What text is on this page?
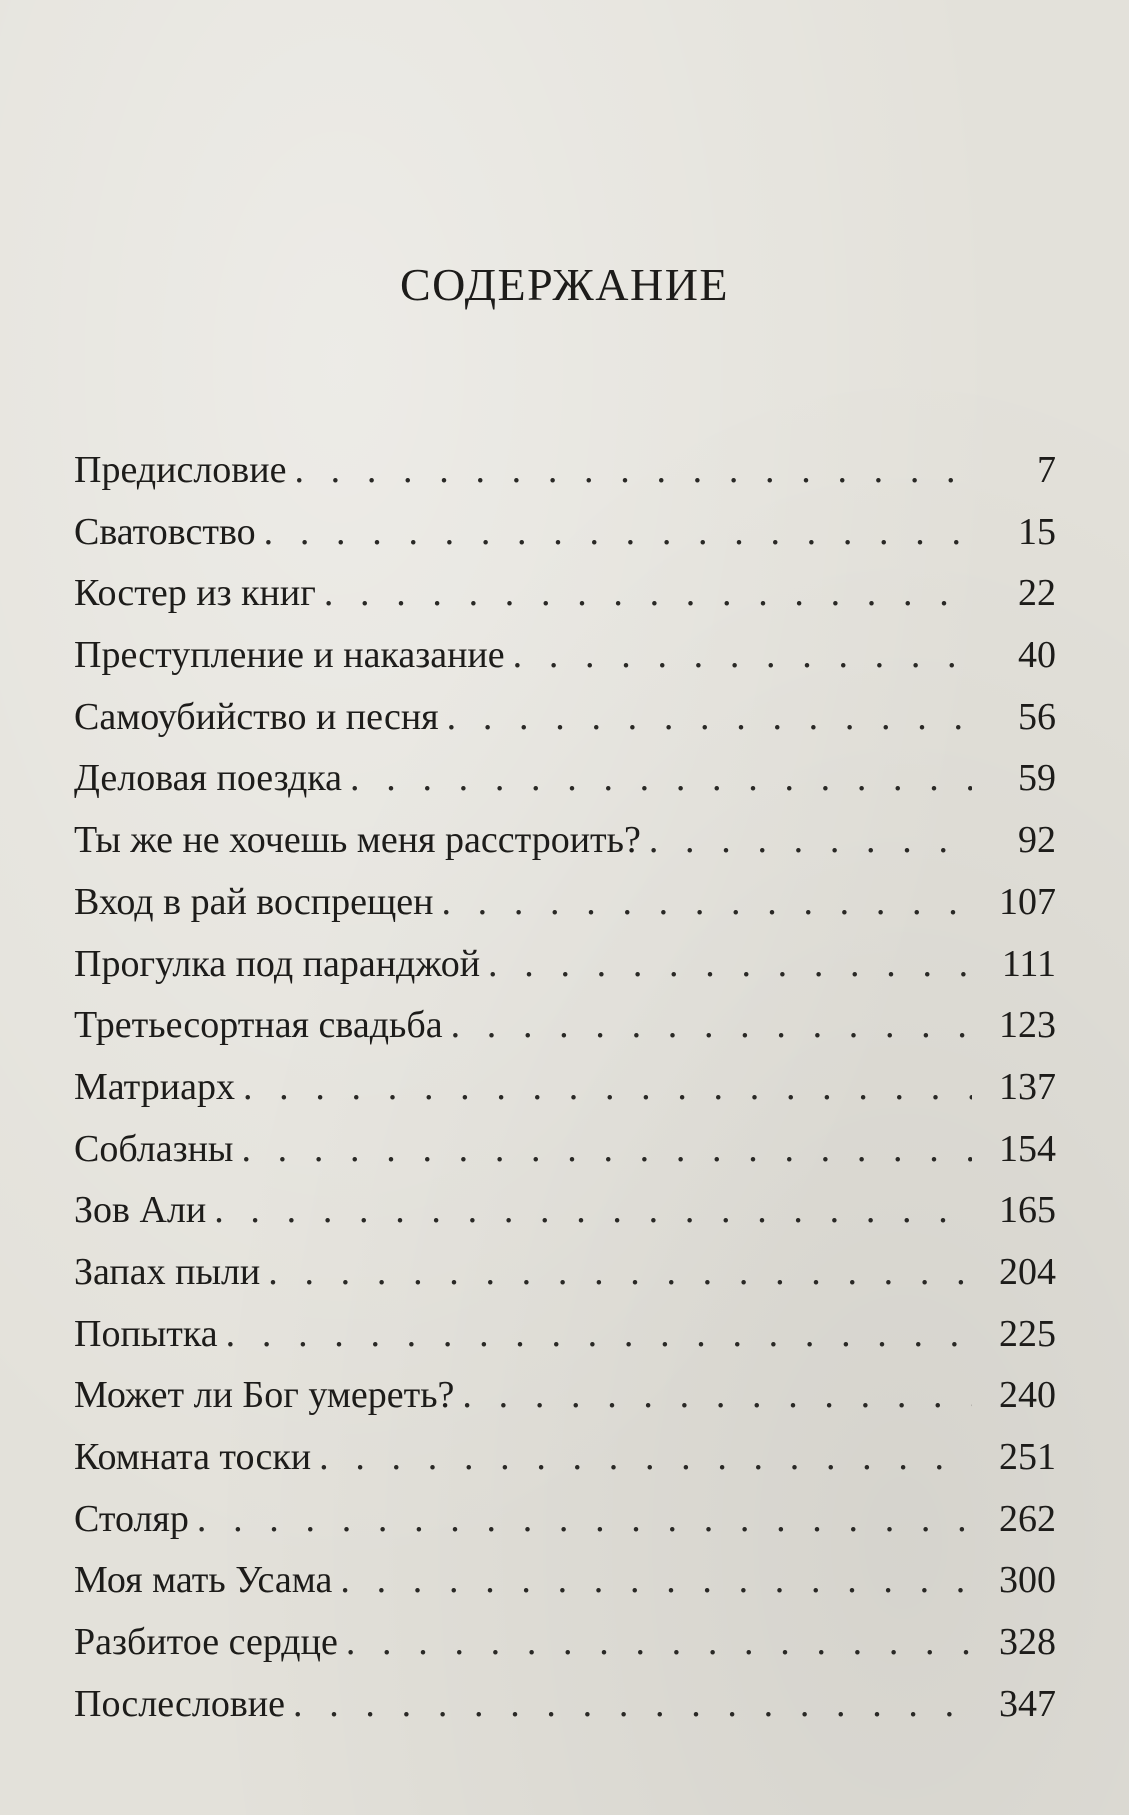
СОДЕРЖАНИЕ
Предисловие . . .	7
Сватовство . . .	15
Костер из книг . . .	22
Преступление и наказание . . .	40
Самоубийство и песня . . .	56
Деловая поездка . . .	59
Ты же не хочешь меня расстроить? . . .	92
Вход в рай воспрещен . . .	107
Прогулка под паранджой . . .	111
Третьесортная свадьба . . .	123
Матриарх . . .	137
Соблазны . . .	154
Зов Али . . .	165
Запах пыли . . .	204
Попытка . . .	225
Может ли Бог умереть? . . .	240
Комната тоски . . .	251
Столяр . . .	262
Моя мать Усама . . .	300
Разбитое сердце . . .	328
Послесловие . . .	347
